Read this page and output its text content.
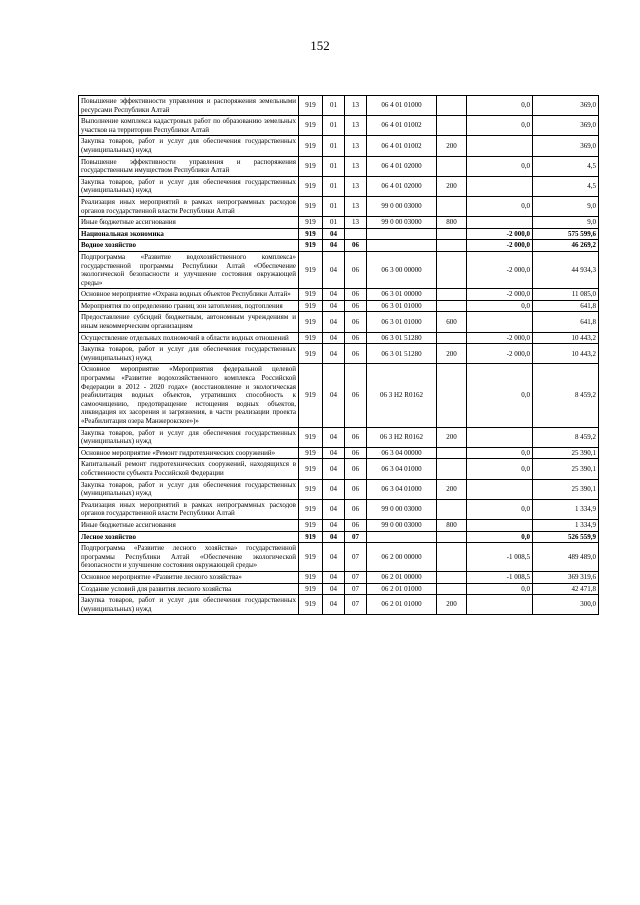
152
Повышение эффективности управления и распоряжения земельными ресурсами Республики Алтай	919	01	13	06 4 01 01000		0,0	369,0
Выполнение комплекса кадастровых работ по образованию земельных участков на территории Республики Алтай	919	01	13	06 4 01 01002		0,0	369,0
Закупка товаров, работ и услуг для обеспечения государственных (муниципальных) нужд	919	01	13	06 4 01 01002	200		369,0
Повышение эффективности управления и распоряжения государственным имуществом Республики Алтай	919	01	13	06 4 01 02000		0,0	4,5
Закупка товаров, работ и услуг для обеспечения государственных (муниципальных) нужд	919	01	13	06 4 01 02000	200		4,5
Реализация иных мероприятий в рамках непрограммных расходов органов государственной власти Республики Алтай	919	01	13	99 0 00 03000		0,0	9,0
Иные бюджетные ассигнования	919	01	13	99 0 00 03000	800		9,0
Национальная экономика	919	04				-2 000,0	575 599,6
Водное хозяйство	919	04	06			-2 000,0	46 269,2
Подпрограмма «Развитие водохозяйственного комплекса» государственной программы Республики Алтай «Обеспечение экологической безопасности и улучшение состояния окружающей среды»	919	04	06	06 3 00 00000		-2 000,0	44 934,3
Основное мероприятие «Охрана водных объектов Республики Алтай»	919	04	06	06 3 01 00000		-2 000,0	11 085,0
Мероприятия по определению границ зон затопления, подтопления	919	04	06	06 3 01 01000		0,0	641,8
Предоставление субсидий бюджетным, автономным учреждениям и иным некоммерческим организациям	919	04	06	06 3 01 01000	600		641,8
Осуществление отдельных полномочий в области водных отношений	919	04	06	06 3 01 51280		-2 000,0	10 443,2
Закупка товаров, работ и услуг для обеспечения государственных (муниципальных) нужд	919	04	06	06 3 01 51280	200	-2 000,0	10 443,2
Основное мероприятие «Мероприятия федеральной целевой программы «Развитие водохозяйственного комплекса Российской Федерации в 2012 - 2020 годах» (восстановление и экологическая реабилитация водных объектов, утративших способность к самоочищению, предотвращение истощения водных объектов, ликвидация их засорения и загрязнения, в части реализации проекта «Реабилитация озера Манжерокское»)»	919	04	06	06 3 Н2 R0162		0,0	8 459,2
Закупка товаров, работ и услуг для обеспечения государственных (муниципальных) нужд	919	04	06	06 3 Н2 R0162	200		8 459,2
Основное мероприятие «Ремонт гидротехнических сооружений»	919	04	06	06 3 04 00000		0,0	25 390,1
Капитальный ремонт гидротехнических сооружений, находящихся в собственности субъекта Российской Федерации	919	04	06	06 3 04 01000		0,0	25 390,1
Закупка товаров, работ и услуг для обеспечения государственных (муниципальных) нужд	919	04	06	06 3 04 01000	200		25 390,1
Реализация иных мероприятий в рамках непрограммных расходов органов государственной власти Республики Алтай	919	04	06	99 0 00 03000		0,0	1 334,9
Иные бюджетные ассигнования	919	04	06	99 0 00 03000	800		1 334,9
Лесное хозяйство	919	04	07			0,0	526 559,9
Подпрограмма «Развитие лесного хозяйства» государственной программы Республики Алтай «Обеспечение экологической безопасности и улучшение состояния окружающей среды»	919	04	07	06 2 00 00000		-1 008,5	489 489,0
Основное мероприятие «Развитие лесного хозяйства»	919	04	07	06 2 01 00000		-1 008,5	369 319,6
Создание условий для развития лесного хозяйства	919	04	07	06 2 01 01000		0,0	42 471,8
Закупка товаров, работ и услуг для обеспечения государственных (муниципальных) нужд	919	04	07	06 2 01 01000	200		300,0
